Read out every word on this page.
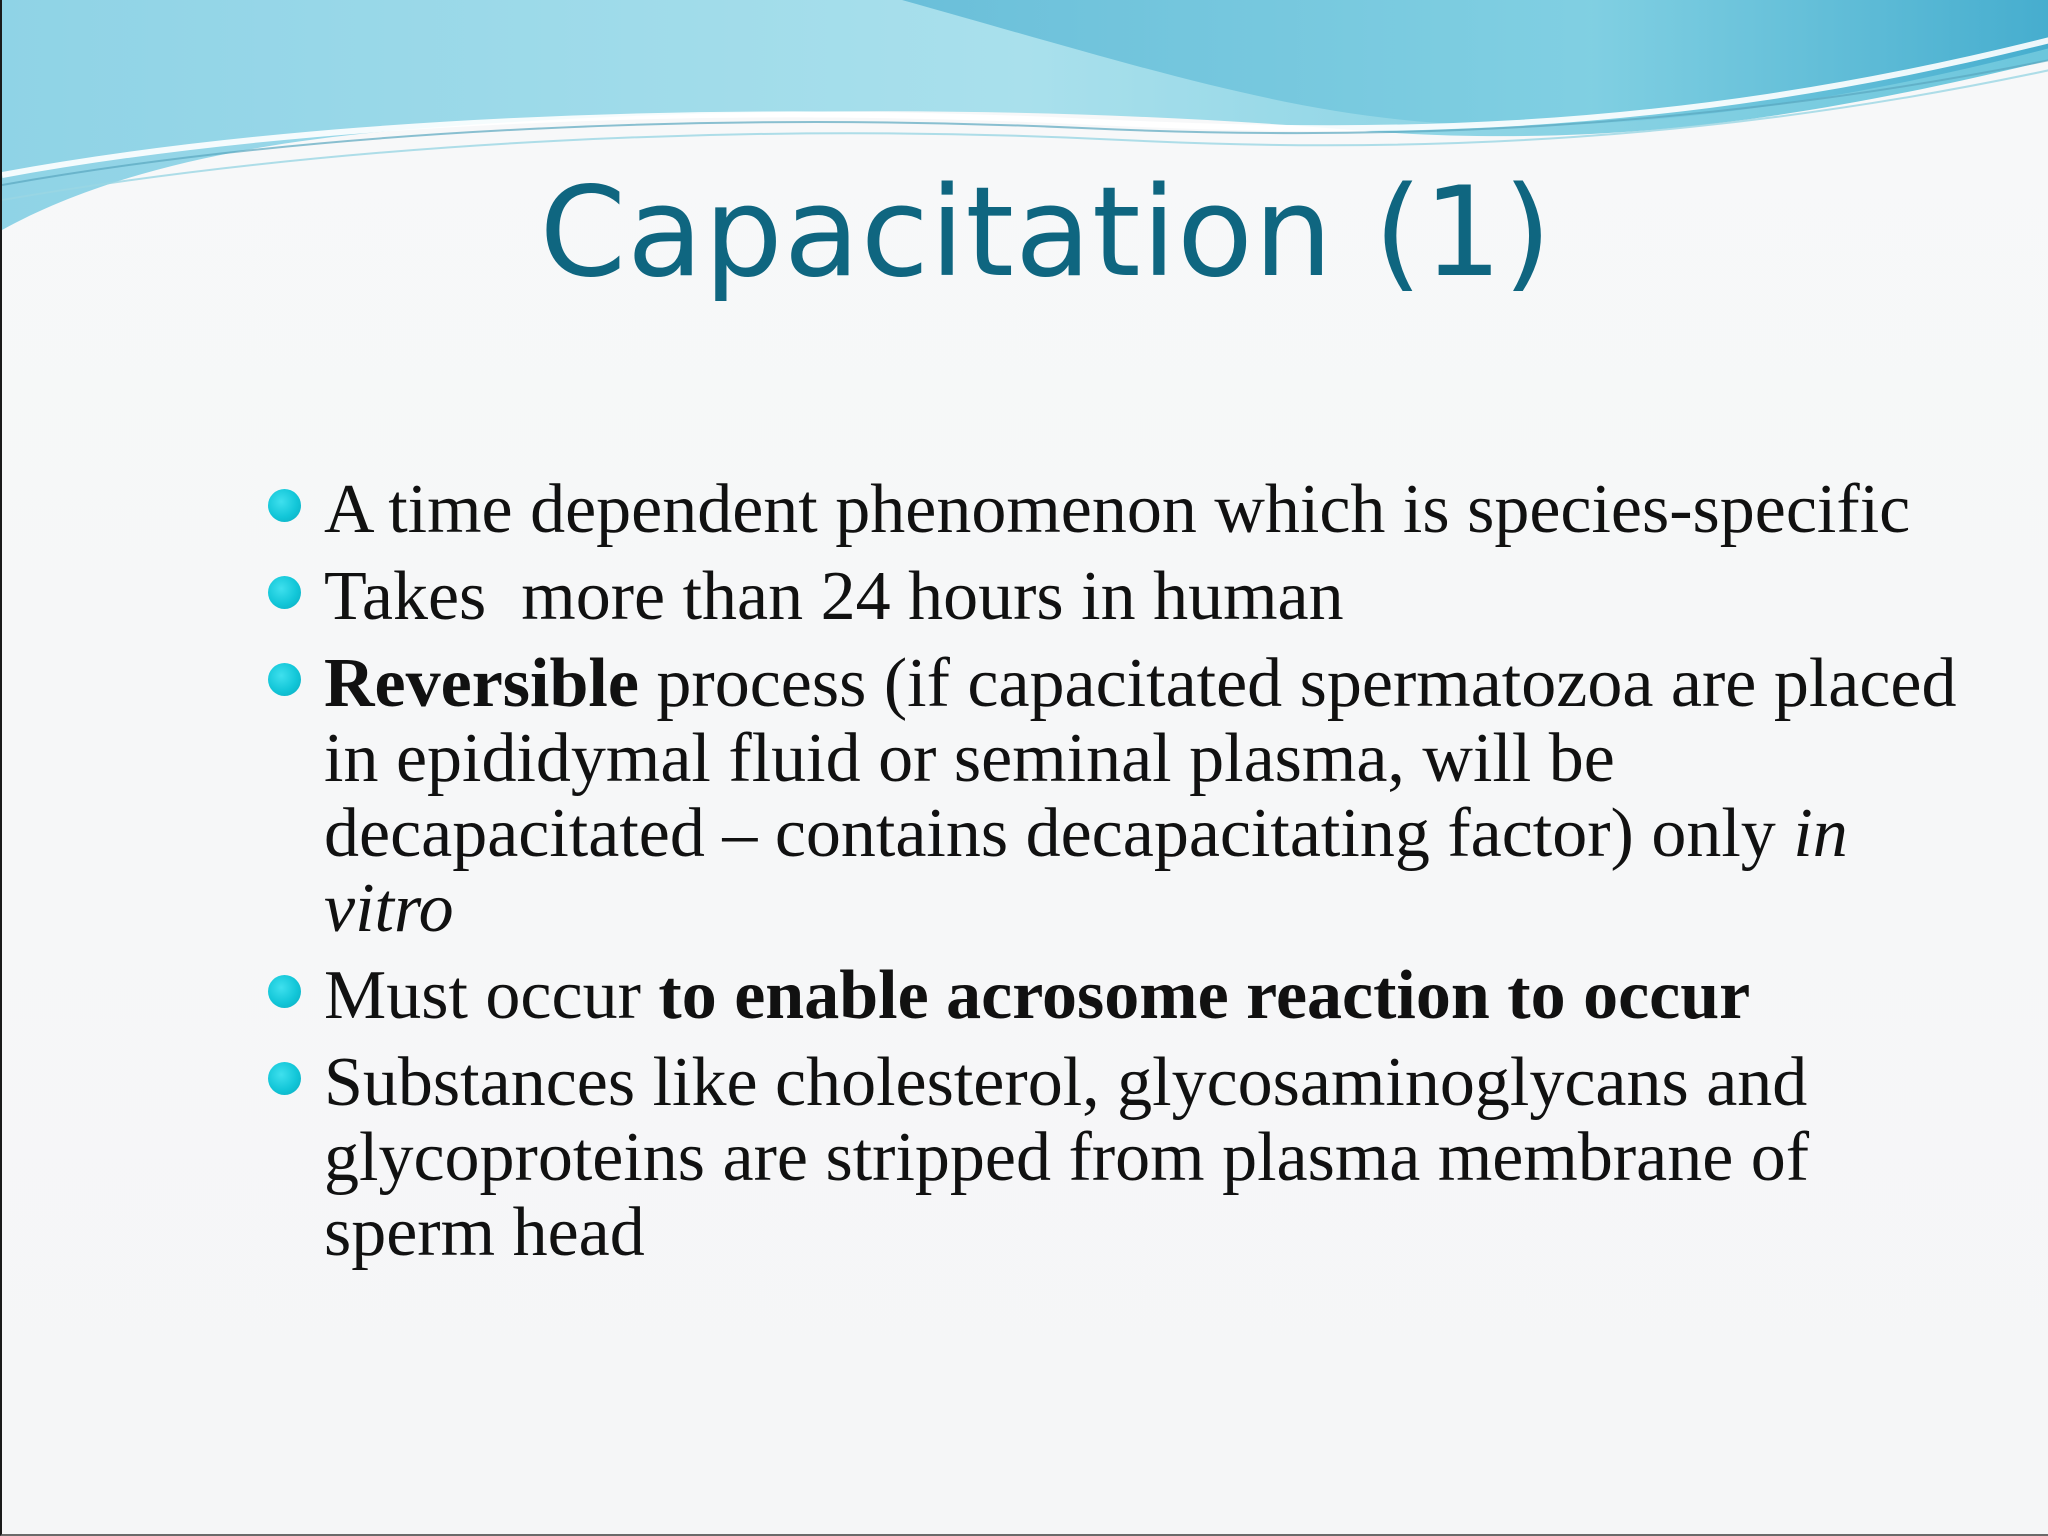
Capacitation (1)
A time dependent phenomenon which is species-specific
Takes  more than 24 hours in human
Reversible process (if capacitated spermatozoa are placed in epididymal fluid or seminal plasma, will be decapacitated – contains decapacitating factor) only in vitro
Must occur to enable acrosome reaction to occur
Substances like cholesterol, glycosaminoglycans and glycoproteins are stripped from plasma membrane of sperm head
